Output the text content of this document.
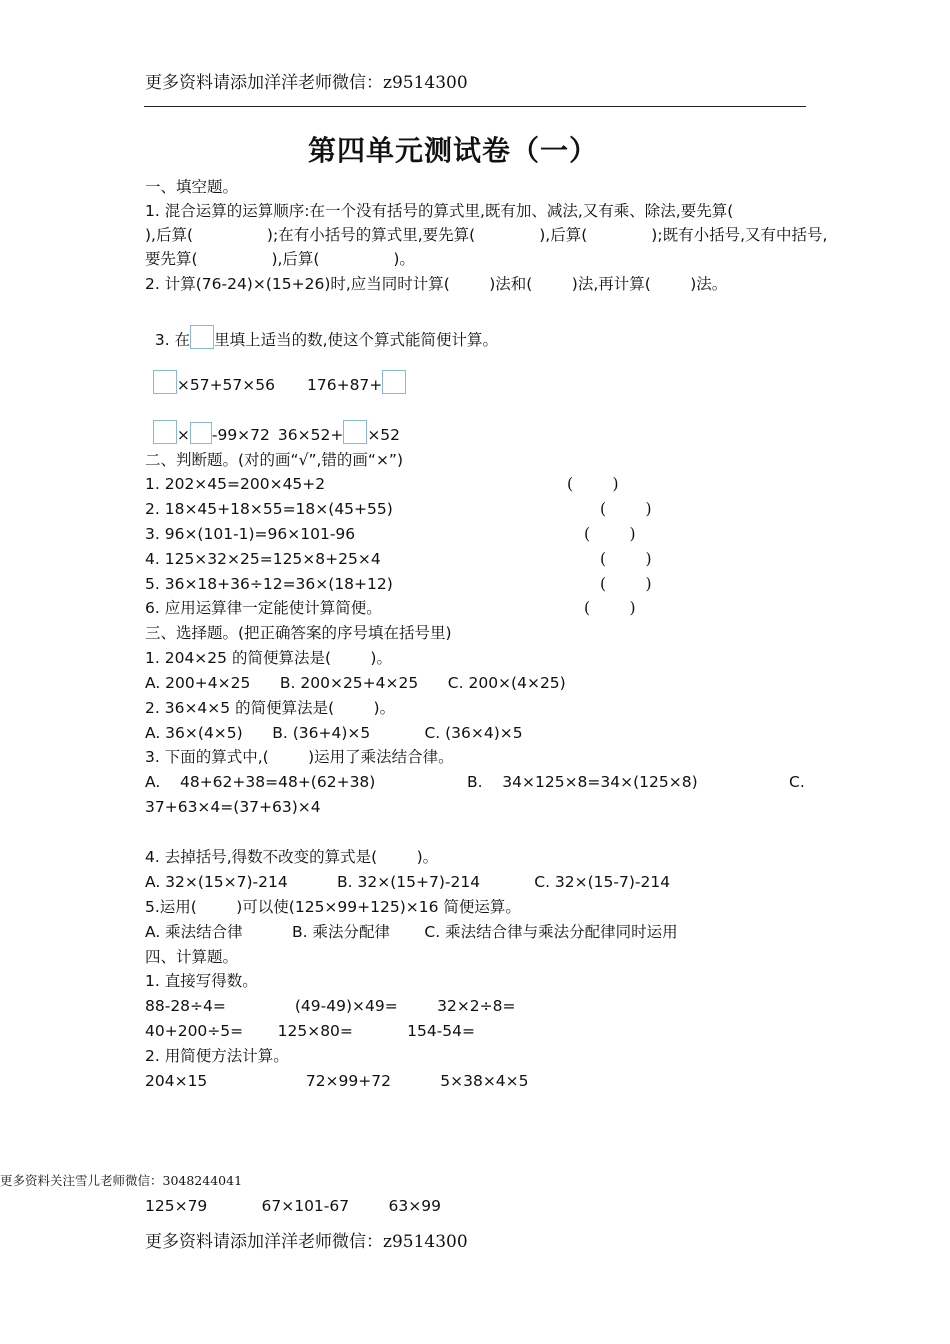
更多资料请添加洋洋老师微信：z9514300
第四单元测试卷（一）
一、填空题。
1. 混合运算的运算顺序:在一个没有括号的算式里,既有加、减法,又有乘、除法,要先算(
),后算(               );在有小括号的算式里,要先算(             ),后算(             );既有小括号,又有中括号,
要先算(               ),后算(               )。
2. 计算(76-24)×(15+26)时,应当同时计算(        )法和(        )法,再计算(        )法。

3. 在 里填上适当的数,使这个算式能简便计算。

×57+57×56 176+87+

× -99×72 36×52+ ×52

二、判断题。(对的画“√”,错的画“×”)
1. 202×45=200×45+2	(        )
2. 18×45+18×55=18×(45+55)	(        )
3. 96×(101-1)=96×101-96	(        )
4. 125×32×25=125×8+25×4	(        )
5. 36×18+36÷12=36×(18+12)	(        )
6. 应用运算律一定能使计算简便。	(        )
三、选择题。(把正确答案的序号填在括号里)
1. 204×25 的简便算法是(        )。
A. 200+4×25      B. 200×25+4×25      C. 200×(4×25)
2. 36×4×5 的简便算法是(        )。
A. 36×(4×5)      B. (36+4)×5           C. (36×4)×5
3. 下面的算式中,(        )运用了乘法结合律。
A.    48+62+38=48+(62+38)	B.    34×125×8=34×(125×8)	C.
37+63×4=(37+63)×4
4. 去掉括号,得数不改变的算式是(        )。
A. 32×(15×7)-214          B. 32×(15+7)-214           C. 32×(15-7)-214
5.运用(        )可以使(125×99+125)×16 简便运算。
A. 乘法结合律          B. 乘法分配律       C. 乘法结合律与乘法分配律同时运用
四、计算题。
1. 直接写得数。
88-28÷4=              (49-49)×49=        32×2÷8=
40+200÷5=       125×80=           154-54=
2. 用简便方法计算。
204×15                    72×99+72          5×38×4×5
更多资料关注雪儿老师微信：3048244041
125×79           67×101-67        63×99
更多资料请添加洋洋老师微信：z9514300
